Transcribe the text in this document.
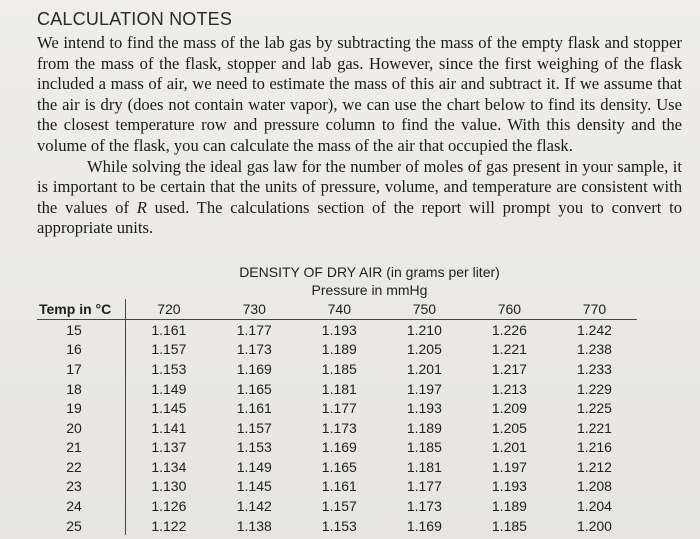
CALCULATION NOTES

We intend to find the mass of the lab gas by subtracting the mass of the empty flask and stopper from the mass of the flask, stopper and lab gas. However, since the first weighing of the flask included a mass of air, we need to estimate the mass of this air and subtract it. If we assume that the air is dry (does not contain water vapor), we can use the chart below to find its density. Use the closest temperature row and pressure column to find the value. With this density and the volume of the flask, you can calculate the mass of the air that occupied the flask.

While solving the ideal gas law for the number of moles of gas present in your sample, it is important to be certain that the units of pressure, volume, and temperature are consistent with the values of R used. The calculations section of the report will prompt you to convert to appropriate units.

DENSITY OF DRY AIR (in grams per liter)
Pressure in mmHg
Temp in °C	720	730	740	750	760	770
15	1.161	1.177	1.193	1.210	1.226	1.242
16	1.157	1.173	1.189	1.205	1.221	1.238
17	1.153	1.169	1.185	1.201	1.217	1.233
18	1.149	1.165	1.181	1.197	1.213	1.229
19	1.145	1.161	1.177	1.193	1.209	1.225
20	1.141	1.157	1.173	1.189	1.205	1.221
21	1.137	1.153	1.169	1.185	1.201	1.216
22	1.134	1.149	1.165	1.181	1.197	1.212
23	1.130	1.145	1.161	1.177	1.193	1.208
24	1.126	1.142	1.157	1.173	1.189	1.204
25	1.122	1.138	1.153	1.169	1.185	1.200
